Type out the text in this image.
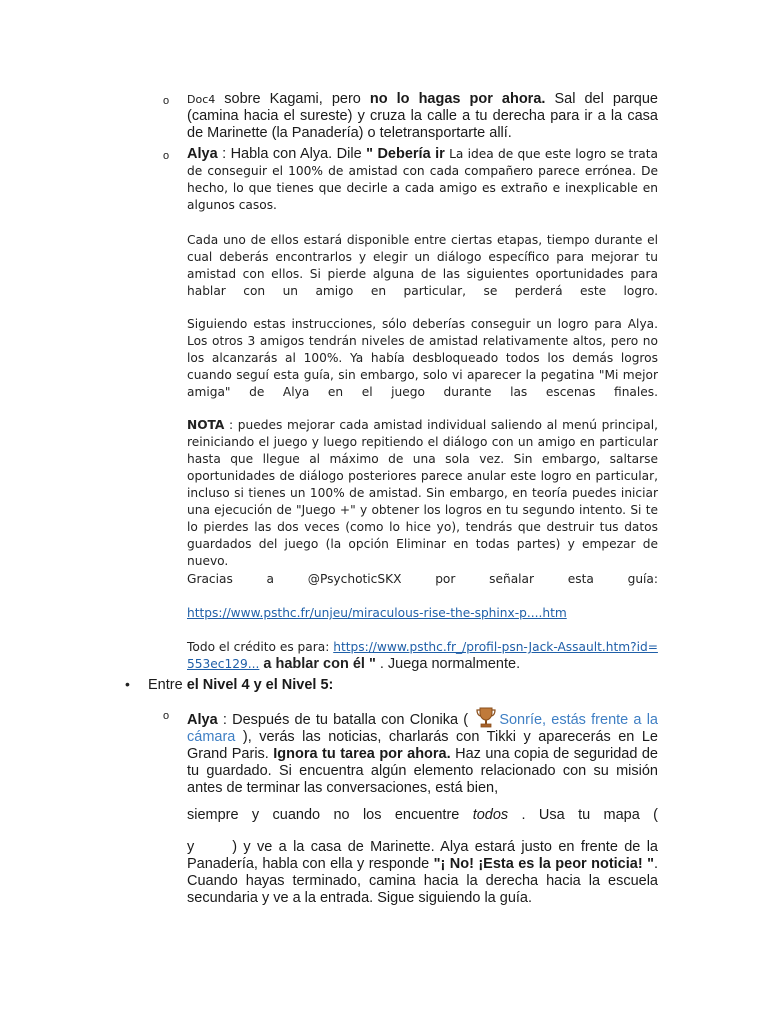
o Doc4 sobre Kagami, pero no lo hagas por ahora. Sal del parque (camina hacia el sureste) y cruza la calle a tu derecha para ir a la casa de Marinette (la Panadería) o teletransportarte allí.
o Alya : Habla con Alya. Dile " Debería ir La idea de que este logro se trata de conseguir el 100% de amistad con cada compañero parece errónea. De hecho, lo que tienes que decirle a cada amigo es extraño e inexplicable en algunos casos.
Cada uno de ellos estará disponible entre ciertas etapas, tiempo durante el cual deberás encontrarlos y elegir un diálogo específico para mejorar tu amistad con ellos. Si pierde alguna de las siguientes oportunidades para hablar con un amigo en particular, se perderá este logro.
Siguiendo estas instrucciones, sólo deberías conseguir un logro para Alya. Los otros 3 amigos tendrán niveles de amistad relativamente altos, pero no los alcanzarás al 100%. Ya había desbloqueado todos los demás logros cuando seguí esta guía, sin embargo, solo vi aparecer la pegatina "Mi mejor amiga" de Alya en el juego durante las escenas finales.
NOTA : puedes mejorar cada amistad individual saliendo al menú principal, reiniciando el juego y luego repitiendo el diálogo con un amigo en particular hasta que llegue al máximo de una sola vez. Sin embargo, saltarse oportunidades de diálogo posteriores parece anular este logro en particular, incluso si tienes un 100% de amistad. Sin embargo, en teoría puedes iniciar una ejecución de "Juego +" y obtener los logros en tu segundo intento. Si te lo pierdes las dos veces (como lo hice yo), tendrás que destruir tus datos guardados del juego (la opción Eliminar en todas partes) y empezar de nuevo.
Gracias a @PsychoticSKX por señalar esta guía:
https://www.psthc.fr/unjeu/miraculous-rise-the-sphinx-p....htm
Todo el crédito es para: https://www.psthc.fr_/profil-psn-Jack-Assault.htm?id=553ec129... a hablar con él " . Juega normalmente.
• Entre el Nivel 4 y el Nivel 5:
o Alya : Después de tu batalla con Clonika ( Sonríe, estás frente a la cámara ), verás las noticias, charlarás con Tikki y aparecerás en Le Grand Paris. Ignora tu tarea por ahora. Haz una copia de seguridad de tu guardado. Si encuentra algún elemento relacionado con su misión antes de terminar las conversaciones, está bien,
siempre y cuando no los encuentre todos . Usa tu mapa (
y	) y ve a la casa de Marinette. Alya estará justo en frente de la Panadería, habla con ella y responde "¡ No! ¡Esta es la peor noticia! ". Cuando hayas terminado, camina hacia la derecha hacia la escuela secundaria y ve a la entrada. Sigue siguiendo la guía.
